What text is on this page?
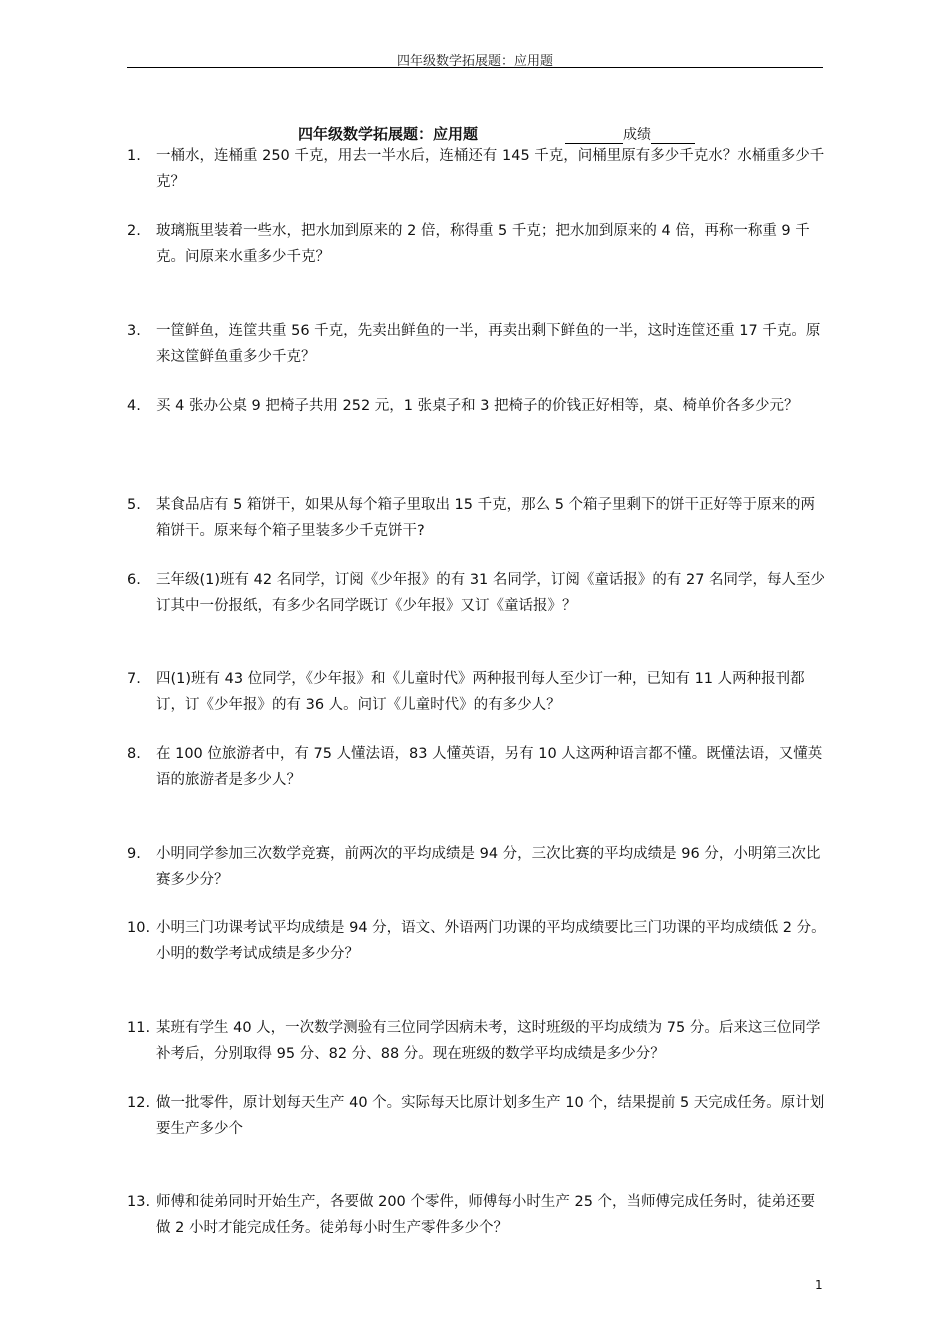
四年级数学拓展题：应用题
四年级数学拓展题：应用题	成绩
1.	一桶水，连桶重 250 千克，用去一半水后，连桶还有 145 千克，问桶里原有多少千克水？水桶重多少千克？
2.	玻璃瓶里装着一些水，把水加到原来的 2 倍，称得重 5 千克；把水加到原来的 4 倍，再称一称重 9 千克。问原来水重多少千克？
3.	一筐鲜鱼，连筐共重 56 千克，先卖出鲜鱼的一半，再卖出剩下鲜鱼的一半，这时连筐还重 17 千克。原来这筐鲜鱼重多少千克？
4.	买 4 张办公桌 9 把椅子共用 252 元，1 张桌子和 3 把椅子的价钱正好相等，桌、椅单价各多少元？
5.	某食品店有 5 箱饼干，如果从每个箱子里取出 15 千克，那么 5 个箱子里剩下的饼干正好等于原来的两箱饼干。原来每个箱子里装多少千克饼干?
6.	三年级(1)班有 42 名同学，订阅《少年报》的有 31 名同学，订阅《童话报》的有 27 名同学，每人至少订其中一份报纸，有多少名同学既订《少年报》又订《童话报》？
7.	四(1)班有 43 位同学，《少年报》和《儿童时代》两种报刊每人至少订一种，已知有 11 人两种报刊都订，订《少年报》的有 36 人。问订《儿童时代》的有多少人？
8.	在 100 位旅游者中，有 75 人懂法语，83 人懂英语，另有 10 人这两种语言都不懂。既懂法语，又懂英语的旅游者是多少人？
9.	小明同学参加三次数学竞赛，前两次的平均成绩是 94 分，三次比赛的平均成绩是 96 分，小明第三次比赛多少分？
10. 小明三门功课考试平均成绩是 94 分，语文、外语两门功课的平均成绩要比三门功课的平均成绩低 2 分。小明的数学考试成绩是多少分？
11. 某班有学生 40 人，一次数学测验有三位同学因病未考，这时班级的平均成绩为 75 分。后来这三位同学补考后，分别取得 95 分、82 分、88 分。现在班级的数学平均成绩是多少分？
12. 做一批零件，原计划每天生产 40 个。实际每天比原计划多生产 10 个，结果提前 5 天完成任务。原计划要生产多少个
13. 师傅和徒弟同时开始生产，各要做 200 个零件，师傅每小时生产 25 个，当师傅完成任务时，徒弟还要做 2 小时才能完成任务。徒弟每小时生产零件多少个？
1
